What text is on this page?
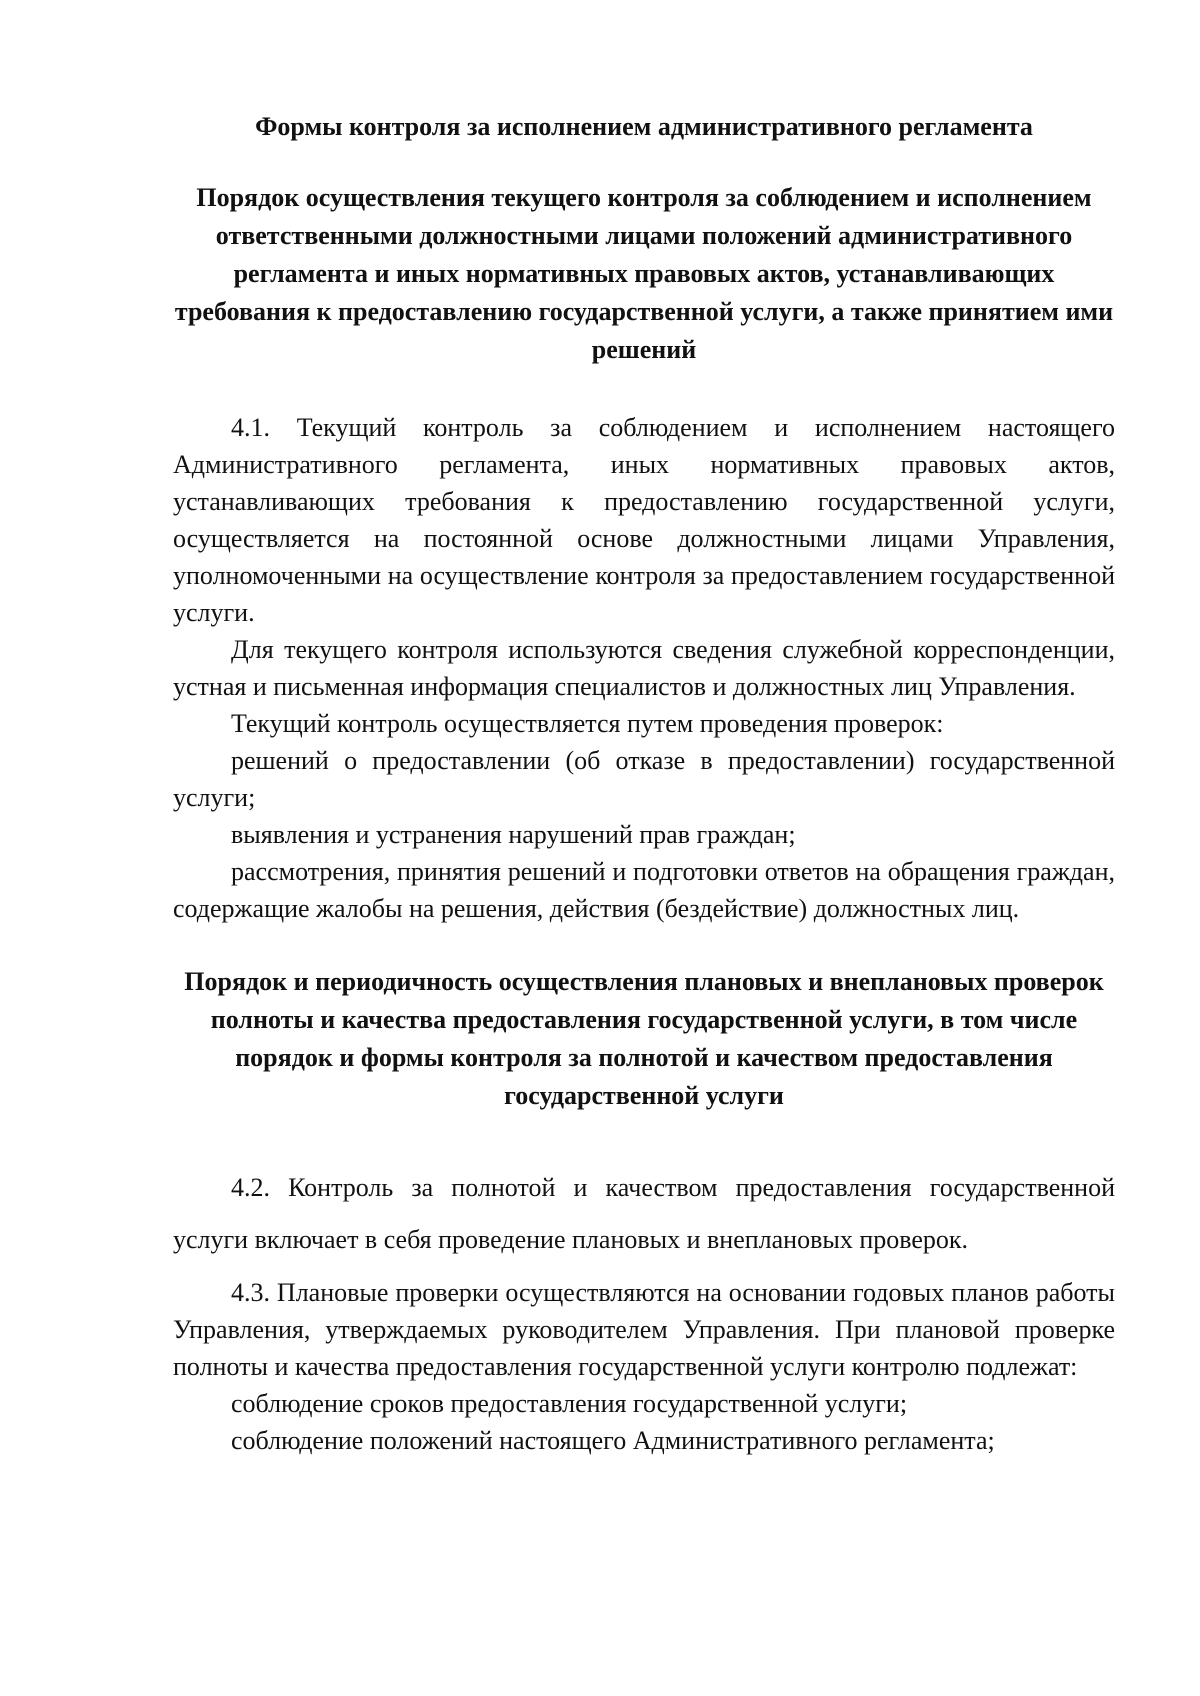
Формы контроля за исполнением административного регламента
Порядок осуществления текущего контроля за соблюдением и исполнением ответственными должностными лицами положений административного регламента и иных нормативных правовых актов, устанавливающих требования к предоставлению государственной услуги, а также принятием ими решений

4.1. Текущий контроль за соблюдением и исполнением настоящего Административного регламента, иных нормативных правовых актов, устанавливающих требования к предоставлению государственной услуги, осуществляется на постоянной основе должностными лицами Управления, уполномоченными на осуществление контроля за предоставлением государственной услуги.

Для текущего контроля используются сведения служебной корреспонденции, устная и письменная информация специалистов и должностных лиц Управления.

Текущий контроль осуществляется путем проведения проверок:

решений о предоставлении (об отказе в предоставлении) государственной услуги;

выявления и устранения нарушений прав граждан;

рассмотрения, принятия решений и подготовки ответов на обращения граждан, содержащие жалобы на решения, действия (бездействие) должностных лиц.

Порядок и периодичность осуществления плановых и внеплановых проверок полноты и качества предоставления государственной услуги, в том числе порядок и формы контроля за полнотой и качеством предоставления государственной услуги

4.2. Контроль за полнотой и качеством предоставления государственной услуги включает в себя проведение плановых и внеплановых проверок.

4.3. Плановые проверки осуществляются на основании годовых планов работы Управления, утверждаемых руководителем Управления. При плановой проверке полноты и качества предоставления государственной услуги контролю подлежат:

соблюдение сроков предоставления государственной услуги;

соблюдение положений настоящего Административного регламента;
